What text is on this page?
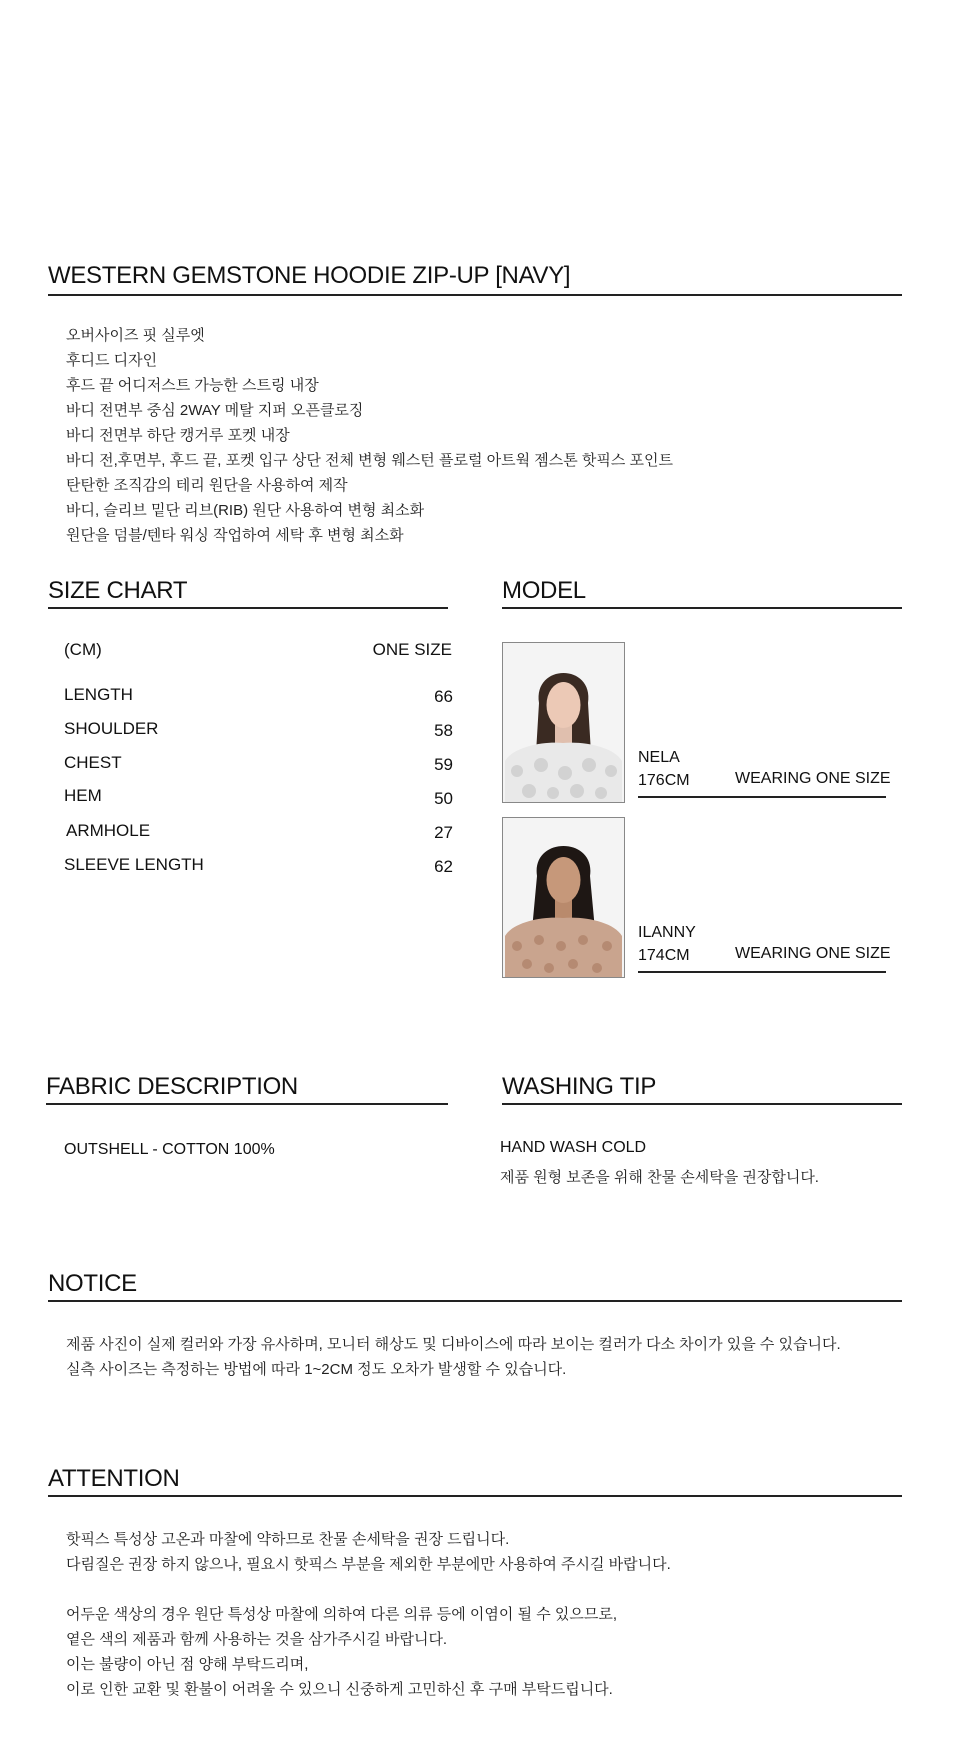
WESTERN GEMSTONE HOODIE ZIP-UP [NAVY]
오버사이즈 핏 실루엣
후디드 디자인
후드 끝 어디저스트 가능한 스트링 내장
바디 전면부 중심 2WAY 메탈 지퍼 오픈클로징
바디 전면부 하단 캥거루 포켓 내장
바디 전,후면부, 후드 끝, 포켓 입구 상단 전체 변형 웨스턴 플로럴 아트웍 젬스톤 핫픽스 포인트
탄탄한 조직감의 테리 원단을 사용하여 제작
바디, 슬리브 밑단 리브(RIB) 원단 사용하여 변형 최소화
원단을 덤블/텐타 워싱 작업하여 세탁 후 변형 최소화
SIZE CHART
(CM)	ONE SIZE
LENGTH	66
SHOULDER	58
CHEST	59
HEM	50
ARMHOLE	27
SLEEVE LENGTH	62
MODEL
NELA
176CM	WEARING ONE SIZE
ILANNY
174CM	WEARING ONE SIZE
FABRIC DESCRIPTION
OUTSHELL - COTTON 100%
WASHING TIP
HAND WASH COLD
제품 원형 보존을 위해 찬물 손세탁을 권장합니다.
NOTICE
제품 사진이 실제 컬러와 가장 유사하며, 모니터 해상도 및 디바이스에 따라 보이는 컬러가 다소 차이가 있을 수 있습니다.
실측 사이즈는 측정하는 방법에 따라 1~2CM 정도 오차가 발생할 수 있습니다.
ATTENTION
핫픽스 특성상 고온과 마찰에 약하므로 찬물 손세탁을 권장 드립니다.
다림질은 권장 하지 않으나, 필요시 핫픽스 부분을 제외한 부분에만 사용하여 주시길 바랍니다.
어두운 색상의 경우 원단 특성상 마찰에 의하여 다른 의류 등에 이염이 될 수 있으므로,
옅은 색의 제품과 함께 사용하는 것을 삼가주시길 바랍니다.
이는 불량이 아닌 점 양해 부탁드리며,
이로 인한 교환 및 환불이 어려울 수 있으니 신중하게 고민하신 후 구매 부탁드립니다.
